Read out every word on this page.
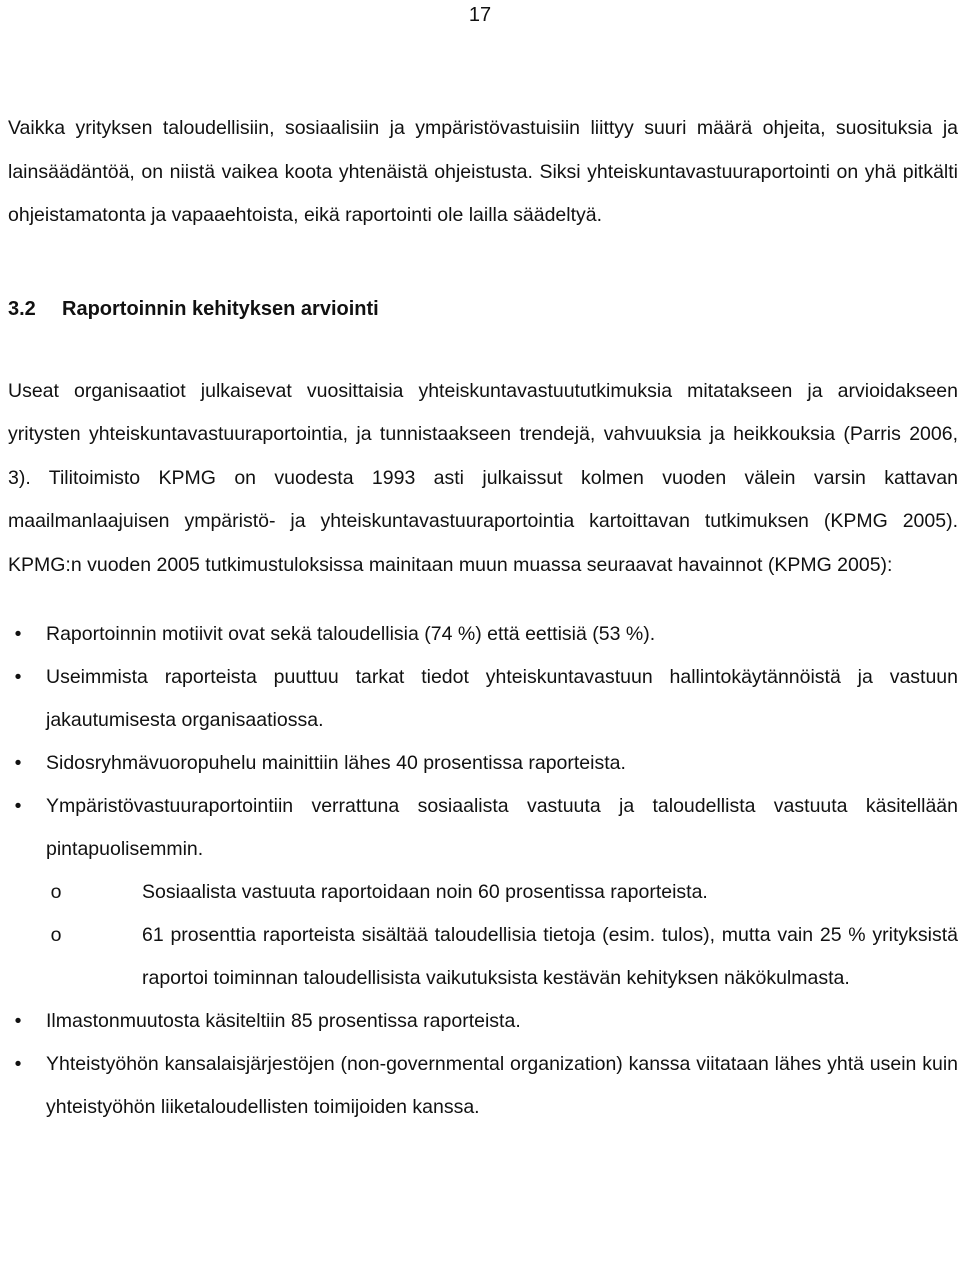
17

Vaikka yrityksen taloudellisiin, sosiaalisiin ja ympäristövastuisiin liittyy suuri määrä ohjeita, suosituksia ja lainsäädäntöä, on niistä vaikea koota yhtenäistä ohjeistusta. Siksi yhteiskuntavastuuraportointi on yhä pitkälti ohjeistamatonta ja vapaaehtoista, eikä raportointi ole lailla säädeltyä.

3.2 Raportoinnin kehityksen arviointi

Useat organisaatiot julkaisevat vuosittaisia yhteiskuntavastuututkimuksia mitatakseen ja arvioidakseen yritysten yhteiskuntavastuuraportointia, ja tunnistaakseen trendejä, vahvuuksia ja heikkouksia (Parris 2006, 3). Tilitoimisto KPMG on vuodesta 1993 asti julkaissut kolmen vuoden välein varsin kattavan maailmanlaajuisen ympäristö- ja yhteiskuntavastuuraportointia kartoittavan tutkimuksen (KPMG 2005). KPMG:n vuoden 2005 tutkimustuloksissa mainitaan muun muassa seuraavat havainnot (KPMG 2005):

•	Raportoinnin motiivit ovat sekä taloudellisia (74 %) että eettisiä (53 %).
•	Useimmista raporteista puuttuu tarkat tiedot yhteiskuntavastuun hallintokäytännöistä ja vastuun jakautumisesta organisaatiossa.
•	Sidosryhmävuoropuhelu mainittiin lähes 40 prosentissa raporteista.
•	Ympäristövastuuraportointiin verrattuna sosiaalista vastuuta ja taloudellista vastuuta käsitellään pintapuolisemmin.
o	Sosiaalista vastuuta raportoidaan noin 60 prosentissa raporteista.
o	61 prosenttia raporteista sisältää taloudellisia tietoja (esim. tulos), mutta vain 25 % yrityksistä raportoi toiminnan taloudellisista vaikutuksista kestävän kehityksen näkökulmasta.
•	Ilmastonmuutosta käsiteltiin 85 prosentissa raporteista.
•	Yhteistyöhön kansalaisjärjestöjen (non-governmental organization) kanssa viitataan lähes yhtä usein kuin yhteistyöhön liiketaloudellisten toimijoiden kanssa.
